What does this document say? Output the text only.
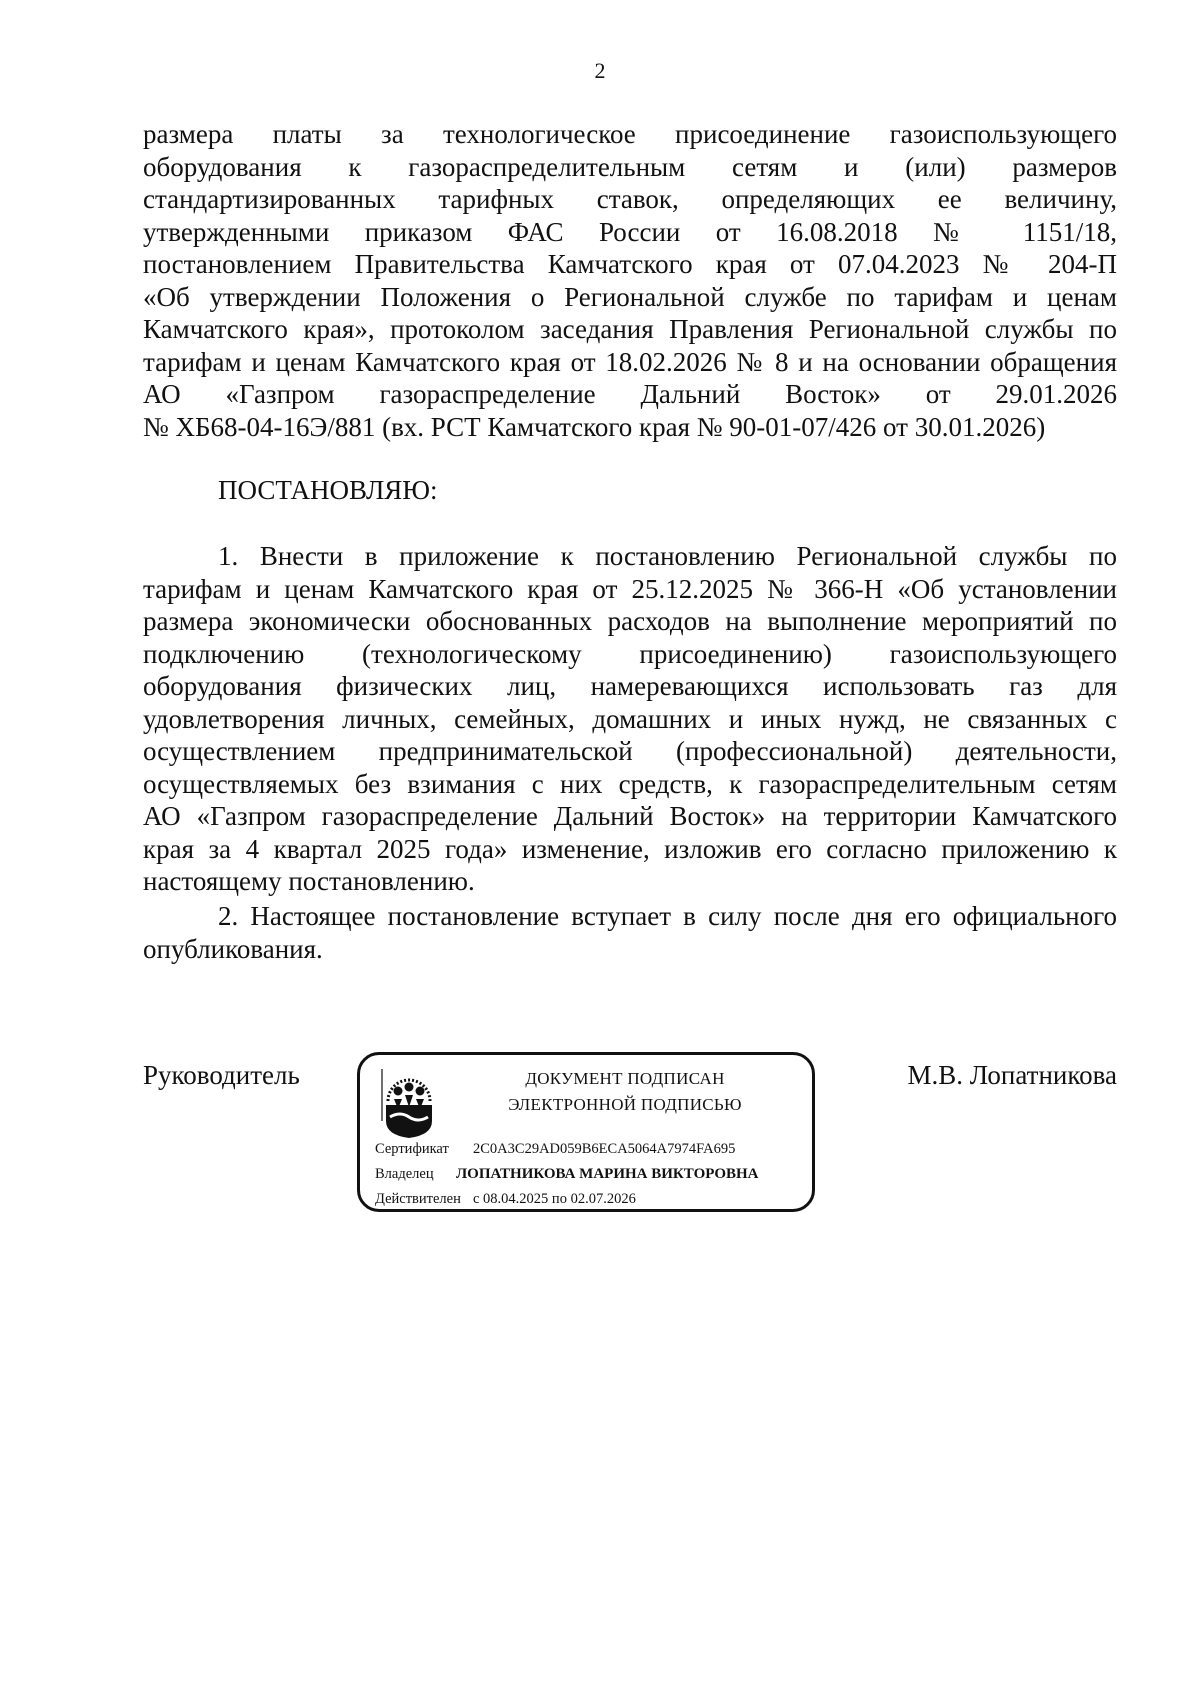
2
размера платы за технологическое присоединение газоиспользующего
оборудования к газораспределительным сетям и (или) размеров
стандартизированных тарифных ставок, определяющих ее величину,
утвержденными приказом ФАС России от 16.08.2018 № 1151/18,
постановлением Правительства Камчатского края от 07.04.2023 № 204-П
«Об утверждении Положения о Региональной службе по тарифам и ценам
Камчатского края», протоколом заседания Правления Региональной службы по
тарифам и ценам Камчатского края от 18.02.2026 № 8 и на основании обращения
АО «Газпром газораспределение Дальний Восток» от 29.01.2026
№ ХБ68-04-16Э/881 (вх. РСТ Камчатского края № 90-01-07/426 от 30.01.2026)
ПОСТАНОВЛЯЮ:
1. Внести в приложение к постановлению Региональной службы по
тарифам и ценам Камчатского края от 25.12.2025 № 366-Н «Об установлении
размера экономически обоснованных расходов на выполнение мероприятий по
подключению (технологическому присоединению) газоиспользующего
оборудования физических лиц, намеревающихся использовать газ для
удовлетворения личных, семейных, домашних и иных нужд, не связанных с
осуществлением предпринимательской (профессиональной) деятельности,
осуществляемых без взимания с них средств, к газораспределительным сетям
АО «Газпром газораспределение Дальний Восток» на территории Камчатского
края за 4 квартал 2025 года» изменение, изложив его согласно приложению к
настоящему постановлению.
2. Настоящее постановление вступает в силу после дня его официального
опубликования.
Руководитель	ДОКУМЕНТ ПОДПИСАН
ЭЛЕКТРОННОЙ ПОДПИСЬЮ
Сертификат 2C0A3C29AD059B6ECA5064A7974FA695
Владелец ЛОПАТНИКОВА МАРИНА ВИКТОРОВНА
Действителен с 08.04.2025 по 02.07.2026
М.В. Лопатникова
